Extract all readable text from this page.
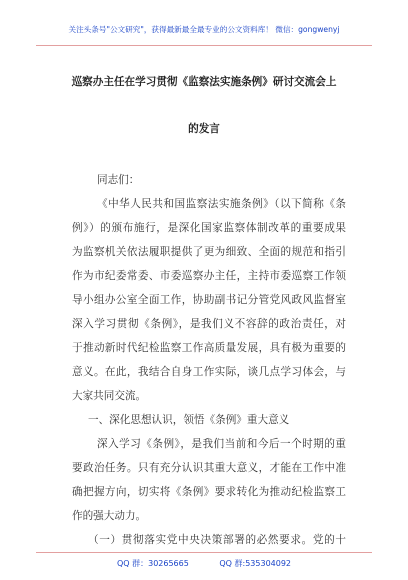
关注头条号"公文研究"，获得最新最全最专业的公文资料库！ 微信：gongwenyj
巡察办主任在学习贯彻《监察法实施条例》研讨交流会上
的发言
同志们：
《中华人民共和国监察法实施条例》（以下简称《条
例》）的颁布施行，是深化国家监察体制改革的重要成果
为监察机关依法履职提供了更为细致、全面的规范和指引
作为市纪委常委、市委巡察办主任，主持市委巡察工作领
导小组办公室全面工作，协助副书记分管党风政风监督室
深入学习贯彻《条例》，是我们义不容辞的政治责任，对
于推动新时代纪检监察工作高质量发展，具有极为重要的
意义。在此，我结合自身工作实际，谈几点学习体会，与
大家共同交流。
一、深化思想认识，领悟《条例》重大意义
深入学习《条例》，是我们当前和今后一个时期的重
要政治任务。只有充分认识其重大意义，才能在工作中准
确把握方向，切实将《条例》要求转化为推动纪检监察工
作的强大动力。
（一）贯彻落实党中央决策部署的必然要求。党的十
QQ 群：30265665	QQ 群:535304092
